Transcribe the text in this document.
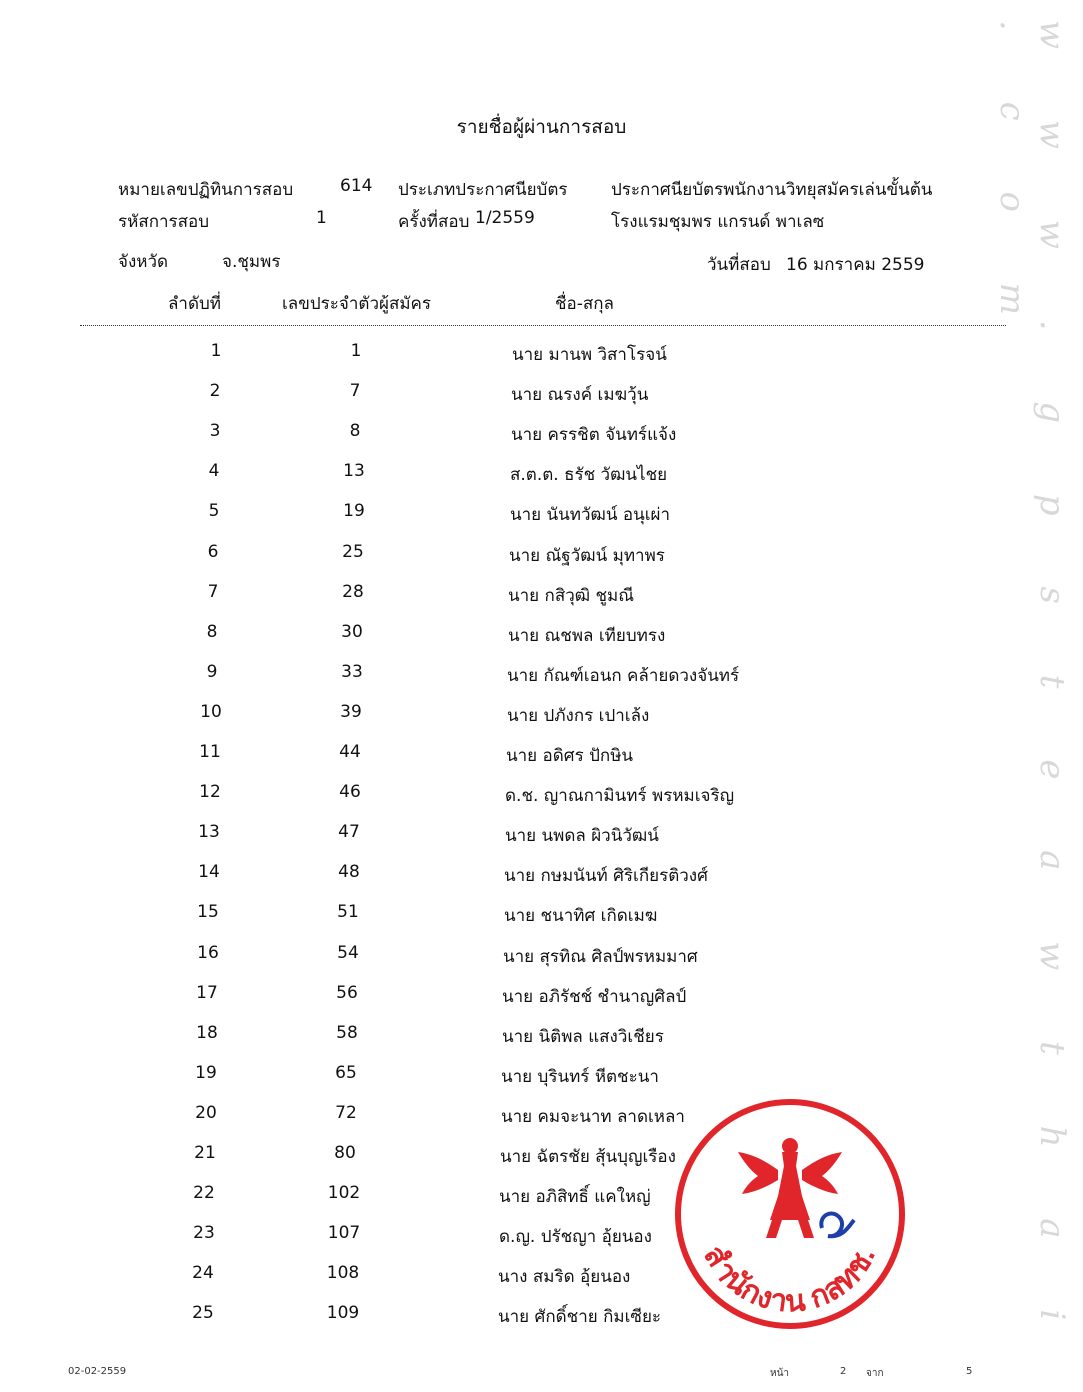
w w w . g p s t e a w t h a i . c o m
รายชื่อผู้ผ่านการสอบ
หมายเลขปฏิทินการสอบ	614 ประเภทประกาศนียบัตร	ประกาศนียบัตรพนักงานวิทยุสมัครเล่นขั้นต้น
รหัสการสอบ	1	ครั้งที่สอบ 1/2559	โรงแรมชุมพร แกรนด์ พาเลซ
จังหวัด	จ.ชุมพร	วันที่สอบ 16 มกราคม 2559
ลำดับที่	เลขประจำตัวผู้สมัคร	ชื่อ-สกุล
1	1	นาย มานพ วิสาโรจน์
2	7	นาย ณรงค์ เมฆวุ้น
3	8	นาย ครรชิต จันทร์แจ้ง
4	13	ส.ต.ต. ธรัช วัฒนไชย
5	19	นาย นันทวัฒน์ อนุเผ่า
6	25	นาย ณัฐวัฒน์ มุทาพร
7	28	นาย กสิวุฒิ ชูมณี
8	30	นาย ณชพล เทียบทรง
9	33	นาย กัณฑ์เอนก คล้ายดวงจันทร์
10	39	นาย ปภังกร เปาเล้ง
11	44	นาย อดิศร ปักษิน
12	46	ด.ช. ญาณกามินทร์ พรหมเจริญ
13	47	นาย นพดล ผิวนิวัฒน์
14	48	นาย กษมนันท์ ศิริเกียรติวงศ์
15	51	นาย ชนาทิศ เกิดเมฆ
16	54	นาย สุรทิณ ศิลป์พรหมมาศ
17	56	นาย อภิรัชช์ ชำนาญศิลป์
18	58	นาย นิติพล แสงวิเชียร
19	65	นาย บุรินทร์ หีตชะนา
20	72	นาย คมจะนาท ลาดเหลา
21	80	นาย ฉัตรชัย สุ้นบุญเรือง
22	102	นาย อภิสิทธิ์ แคใหญ่
23	107	ด.ญ. ปรัชญา อุ้ยนอง
24	108	นาง สมริด อุ้ยนอง
25	109	นาย ศักดิ์ชาย กิมเซียะ
สำนักงาน กสทช.
02-02-2559	หน้า	2 จาก	5
